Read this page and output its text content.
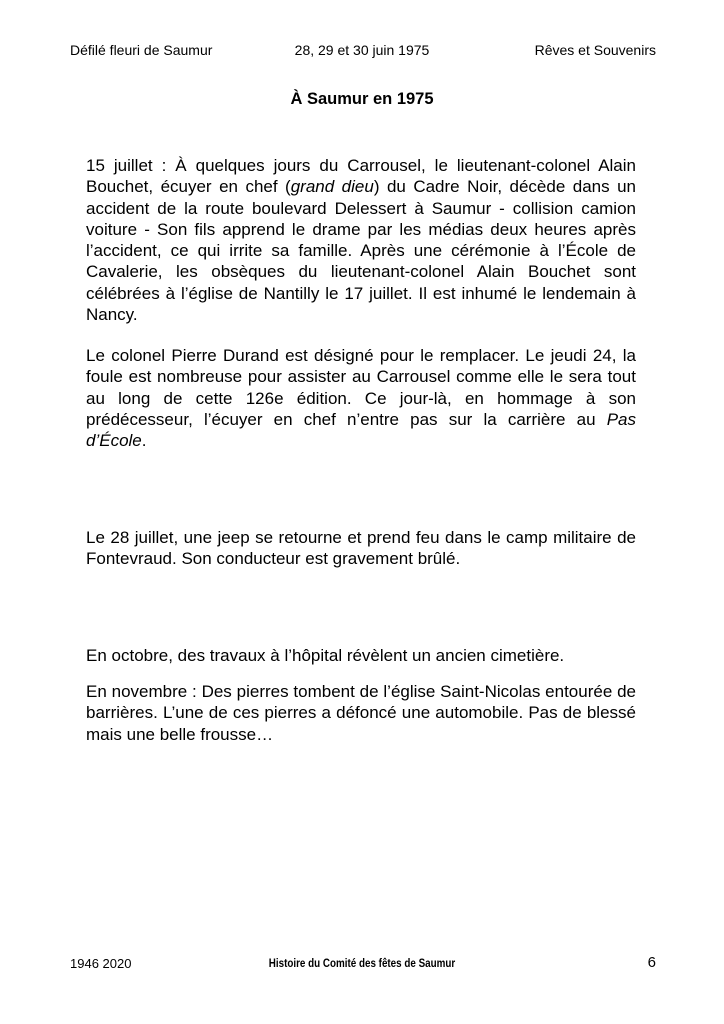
Défilé fleuri de Saumur	28, 29 et 30 juin 1975	Rêves et Souvenirs
À Saumur en 1975

15 juillet : À quelques jours du Carrousel, le lieutenant-colonel Alain Bouchet, écuyer en chef (grand dieu) du Cadre Noir, décède dans un accident de la route boulevard Delessert à Saumur - collision camion voiture - Son fils apprend le drame par les médias deux heures après l’accident, ce qui irrite sa famille. Après une cérémonie à l’École de Cavalerie, les obsèques du lieutenant-colonel Alain Bouchet sont célébrées à l’église de Nantilly le 17 juillet. Il est inhumé le lendemain à Nancy.

Le colonel Pierre Durand est désigné pour le remplacer. Le jeudi 24, la foule est nombreuse pour assister au Carrousel comme elle le sera tout au long de cette 126e édition. Ce jour-là, en hommage à son prédécesseur, l’écuyer en chef n’entre pas sur la carrière au Pas d’École.

Le 28 juillet, une jeep se retourne et prend feu dans le camp militaire de Fontevraud. Son conducteur est gravement brûlé.

En octobre, des travaux à l’hôpital révèlent un ancien cimetière.

En novembre : Des pierres tombent de l’église Saint-Nicolas entourée de barrières. L’une de ces pierres a défoncé une automobile. Pas de blessé mais une belle frousse…

1946 2020	Histoire du Comité des fêtes de Saumur	6
